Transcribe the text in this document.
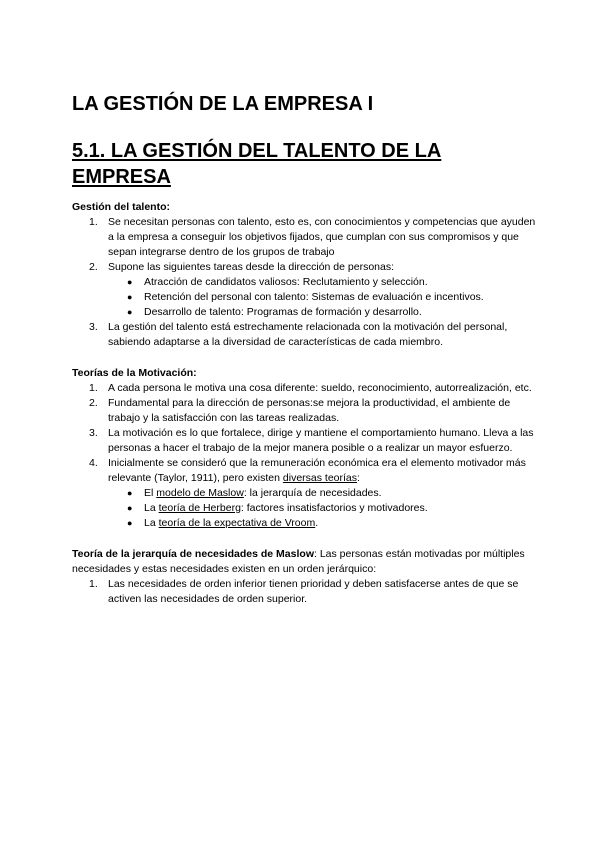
LA GESTIÓN DE LA EMPRESA I
5.1. LA GESTIÓN DEL TALENTO DE LA EMPRESA

Gestión del talento:

1. Se necesitan personas con talento, esto es, con conocimientos y competencias que ayuden a la empresa a conseguir los objetivos fijados, que cumplan con sus compromisos y que sepan integrarse dentro de los grupos de trabajo
2. Supone las siguientes tareas desde la dirección de personas:
● Atracción de candidatos valiosos: Reclutamiento y selección.
● Retención del personal con talento: Sistemas de evaluación e incentivos.
● Desarrollo de talento: Programas de formación y desarrollo.
3. La gestión del talento está estrechamente relacionada con la motivación del personal, sabiendo adaptarse a la diversidad de características de cada miembro.

Teorías de la Motivación:

1. A cada persona le motiva una cosa diferente: sueldo, reconocimiento, autorrealización, etc.
2. Fundamental para la dirección de personas:se mejora la productividad, el ambiente de trabajo y la satisfacción con las tareas realizadas.
3. La motivación es lo que fortalece, dirige y mantiene el comportamiento humano. Lleva a las personas a hacer el trabajo de la mejor manera posible o a realizar un mayor esfuerzo.
4. Inicialmente se consideró que la remuneración económica era el elemento motivador más relevante (Taylor, 1911), pero existen diversas teorías:
● El modelo de Maslow: la jerarquía de necesidades.
● La teoría de Herberg: factores insatisfactorios y motivadores.
● La teoría de la expectativa de Vroom.

Teoría de la jerarquía de necesidades de Maslow: Las personas están motivadas por múltiples necesidades y estas necesidades existen en un orden jerárquico:

1. Las necesidades de orden inferior tienen prioridad y deben satisfacerse antes de que se activen las necesidades de orden superior.
